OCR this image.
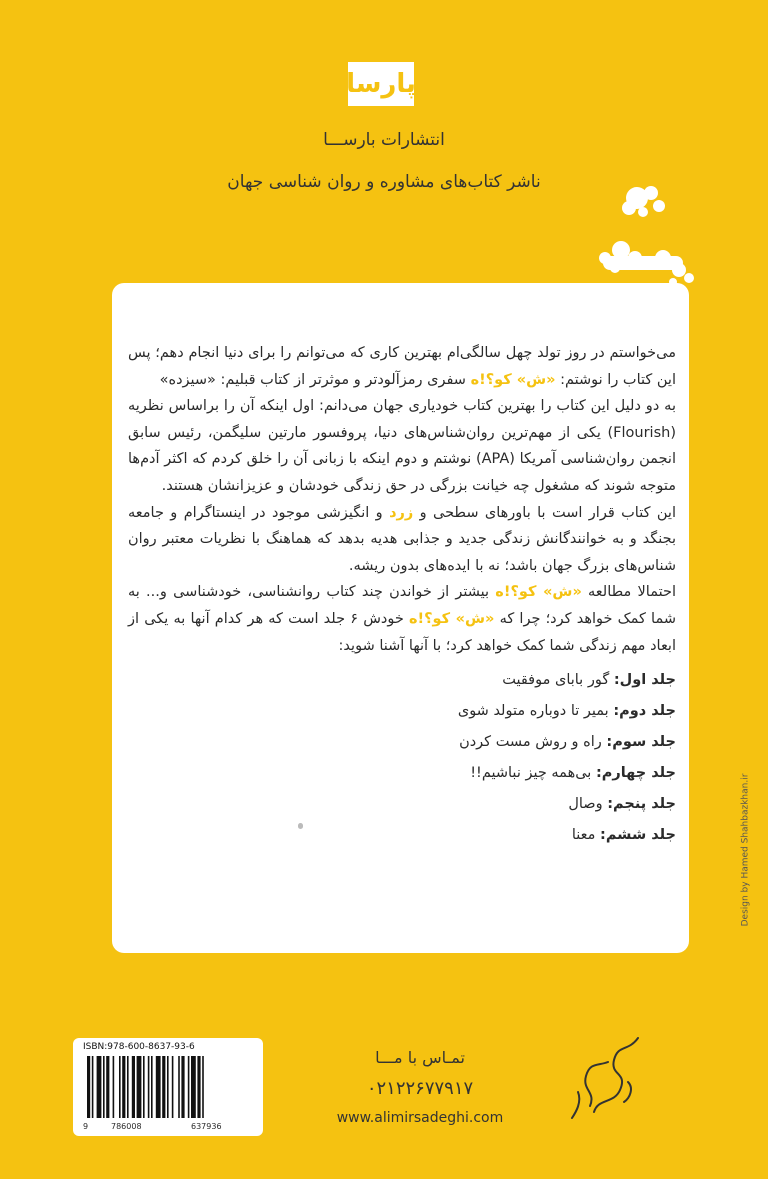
پارسا
انتشارات بارســـا
ناشر کتاب‌های مشاوره و روان شناسی جهان

می‌خواستم در روز تولد چهل سالگی‌ام بهترین کاری که می‌توانم را برای دنیا انجام دهم؛ پس این کتاب را نوشتم: «ش» کو؟!ه سفری رمزآلودتر و موثرتر از کتاب قبلیم: «سیزده»

به دو دلیل این کتاب را بهترین کتاب خودیاری جهان می‌دانم: اول اینکه آن را براساس نظریه (Flourish) یکی از مهم‌ترین روان‌شناس‌های دنیا، پروفسور مارتین سلیگمن، رئیس سابق انجمن روان‌شناسی آمریکا (APA) نوشتم و دوم اینکه با زبانی آن را خلق کردم که اکثر آدم‌ها متوجه شوند که مشغول چه خیانت بزرگی در حق زندگی خودشان و عزیزانشان هستند.

این کتاب قرار است با باورهای سطحی و زرد و انگیزشی موجود در اینستاگرام و جامعه بجنگد و به خوانندگانش زندگی جدید و جذابی هدیه بدهد که هماهنگ با نظریات معتبر روان شناس‌های بزرگ جهان باشد؛ نه با ایده‌های بدون ریشه.

احتمالا مطالعه «ش» کو؟!ه بیشتر از خواندن چند کتاب روانشناسی، خودشناسی و... به شما کمک خواهد کرد؛ چرا که «ش» کو؟!ه خودش ۶ جلد است که هر کدام آنها به یکی از ابعاد مهم زندگی شما کمک خواهد کرد؛ با آنها آشنا شوید:

جلد اول: گور بابای موفقیت
جلد دوم: بمیر تا دوباره متولد شوی
جلد سوم: راه و روش مست کردن
جلد چهارم: بی‌همه چیز نباشیم!!
جلد پنجم: وصال
جلد ششم: معنا	Design by Hamed Shahbazkhan.ir
ISBN:978-600-8637-93-6
9	786008	637936
تمـاس با مـــا
۰۲۱۲۲۶۷۷۹۱۷
www.alimirsadeghi.com
علی میرصادقی
